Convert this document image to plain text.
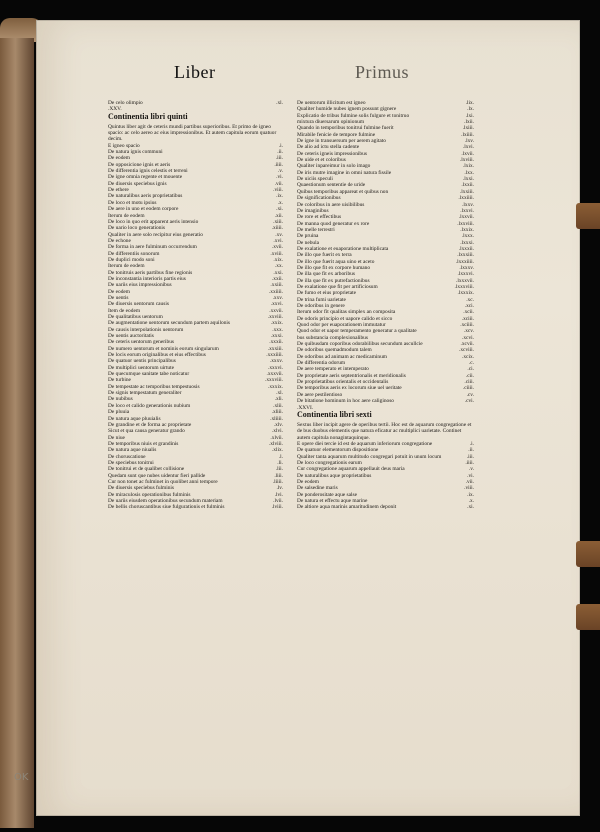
Liber	Primus
De celo olimpio	.xl.
.XXV.
Continentia libri quinti
Quintus liber agit de ceteris mundi partibus superioribus. Et primo de igneo spacio: ac celo aereo ac eius impressionibus. Et autem capitula eorum quatuor decim.
E igneo spacio	.i.
De natura ignis communi	.ii.
De eodem	.iii.
De opposicione ignis et aeris	.iiii.
De differentia ignis celestis et terreni	.v.
De igne omnia regente et mouente	.vi.
De diuersis speciebus ignis	.vii.
De ethere	.viii.
De naturalibus aeris proprietatibus	.ix.
De loco et motu ipsius	.x.
De aere in uno et eodem corpore	.xi.
Iterum de eodem	.xii.
De loco in quo erit apparent aeris intensio	.xiii.
De uario loco generationis	.xiiii.
Qualiter in aere solo recipitur eius generatio	.xv.
De echone	.xvi.
De forma in aere fulminum occurrendum	.xvii.
De differentiis sonorum	.xviii.
De duplici modo soni	.xix.
Iterum de eodem	.xx.
De tonitruis aeris partibus fine regionis	.xxi.
De inconstantia interioris partis eius	.xxii.
De uariis eius impressionibus	.xxiii.
De eodem	.xxiiii.
De uentis	.xxv.
De diuersis uentorum causis	.xxvi.
Item de eodem	.xxvii.
De qualitatibus uentorum	.xxviii.
De augmentatione uentorum secundum partem aquilonis	.xxix.
De causis interpolationis uentorum	.xxx.
De uentis auctoritatis	.xxxi.
De ceteris uentorum generibus	.xxxii.
De numero uentorum et nominis eorum singularum	.xxxiii.
De locis eorum originalibus et eius effectibus	.xxxiiii.
De quatuor uentis principalibus	.xxxv.
De multiplici uentorum uirtute	.xxxvi.
De quecumque sanitate tabe noticatur	.xxxvii.
De turbine	.xxxviii.
De tempestate ac temporibus tempestuosis	.xxxix.
De signis tempestatum generaliter	.xl.
De nubibus	.xli.
De loco et calido generationis nubium	.xlii.
De pluuia	.xliii.
De natura aque pluuialis	.xliiii.
De grandine et de forma ac proprietate	.xlv.
Sicut et qua causa generatur grando	.xlvi.
De niue	.xlvii.
De temporibus niuis et grandinis	.xlviii.
De natura aque niualis	.xlix.
De choruscatione	.l.
De speciebus tonitrui	.li.
De tonitrui et de qualibet collisione	.lii.
Quedam sunt que nubes uidentur fieri pallide	.liii.
Cur non tonet ac fulminet in quolibet anni tempore	.liiii.
De diuersis speciebus fulminis	.lv.
De miraculosis operationibus fulminis	.lvi.
De uariis eiusdem operationibus secundum materiam	.lvii.
De bellis choruscantibus siue fulgurationis et fulminis	.lviii.
De uentorum illicitum est igneo	.lix.
Qualiter humide nubes ignem possunt gignere	.lx.
Explicatio de tribus fulmine solis fulgure et tonitruo	.lxi.
mixtura diuersarum opinionum	.lxii.
Quando in temporibus tonitrui fulmine fuerit	.lxiii.
Mirabile fenicie de tempore fulmine	.lxiiii.
De igne in transuersum per aerem agitato	.lxv.
De alio ad ictu stella cadente	.lxvi.
De ceteris igneis impressionibus	.lxvii.
De uide et et coloribus	.lxviii.
Qualiter inpareimur in solo imago	.lxix.
De iris mutre imagine in omni natura fissile	.lxx.
De uiciis speculi	.lxxi.
Quaestionum sententie de uride	.lxxii.
Quibus temporibus appareat et quibus non	.lxxiii.
De significationibus	.lxxiiii.
De coloribus in aere uisibilibus	.lxxv.
De imaginibus	.lxxvi.
De rore et effectibus	.lxxvii.
De manna quod generatur ex rore	.lxxviii.
De melle terrestri	.lxxix.
De pruina	.lxxx.
De nebula	.lxxxi.
De exalatione et euaporatione multiplicata	.lxxxii.
De illo que fuerit ex terra	.lxxxiii.
De illo que fuerit aqua uino et aceto	.lxxxiiii.
De illo que fit ex corpore humano	.lxxxv.
De illa que fit ex arboribus	.lxxxvi.
De illa que fit ex putrefactionibus	.lxxxvii.
De exalatione que fit per artificiosum	.lxxxviii.
De fumo et eius proprietate	.lxxxix.
De trina fumi uarietate	.xc.
De odoribus in genere	.xci.
Iterum odor fit qualitas simplex an composita	.xcii.
De odoris principio et uapore calido et sicco	.xciii.
Quod odor per euaporationem immutatur	.xciiii.
Quod odor et uapor temperamento generatur a qualitate	.xcv.
bus substancia complexionalibus	.xcvi.
De quibusdam coporibus odorabilibus secundum ascullcie	.xcvii.
De odoribus quemadmodum talem	.xcviii.
De odoribus ad animam ac medicaminum	.xcix.
De differentia odorum	.c.
De aere temperato et intemperato	.ci.
De proprietate aeris septentrionalis et meridionalis	.cii.
De proprietatibus orientalis et occidentalis	.ciii.
De temporibus aeris ex locorum siue uel ueritate	.ciiii.
De aere pestilentioso	.cv.
De bitatione hominum in hoc aere caliginoso	.cvi.
.XXVI.
Continentia libri sexti
Sextus liber incipit agere de operibus tertii. Hoc est de aquarum congregatione et de bus duobus elementis que natura eficatur ac multiplici uarietate. Continet autem capitula nonagintaquinque.
E opere diei tercie id est de aquarum inferiorum congregatione	.i.
De quatuor elementorum dispositione	.ii.
Qualiter tanta aquarum multitudo congregari potuit in unum locum	.iii.
De loco congregationis earum	.iiii.
Cur congregatione aquarum appellauit deus maria	.v.
De naturalibus aque proprietatibus	.vi.
De eodem	.vii.
De salsedine maris	.viii.
De ponderositate aque salse	.ix.
De natura et effectu aque marine	.x.
De altiore aqua marinis amaritudinem deponit	.xi.
OK
